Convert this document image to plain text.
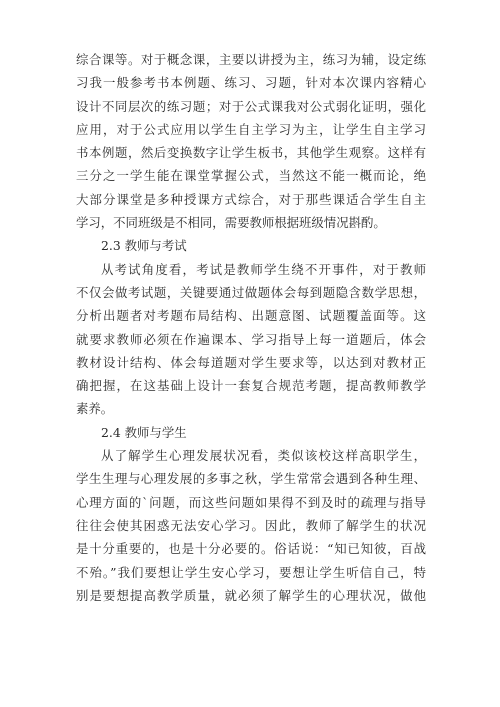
综合课等。对于概念课，主要以讲授为主，练习为辅，设定练
习我一般参考书本例题、练习、习题，针对本次课内容精心
设计不同层次的练习题；对于公式课我对公式弱化证明，强化
应用，对于公式应用以学生自主学习为主，让学生自主学习
书本例题，然后变换数字让学生板书，其他学生观察。这样有
三分之一学生能在课堂掌握公式，当然这不能一概而论，绝
大部分课堂是多种授课方式综合，对于那些课适合学生自主
学习，不同班级是不相同，需要教师根据班级情况斟酌。
2.3 教师与考试
从考试角度看，考试是教师学生绕不开事件，对于教师
不仅会做考试题，关键要通过做题体会每到题隐含数学思想，
分析出题者对考题布局结构、出题意图、试题覆盖面等。这
就要求教师必须在作遍课本、学习指导上每一道题后，体会
教材设计结构、体会每道题对学生要求等，以达到对教材正
确把握，在这基础上设计一套复合规范考题，提高教师教学
素养。
2.4 教师与学生
从了解学生心理发展状况看，类似该校这样高职学生，
学生生理与心理发展的多事之秋，学生常常会遇到各种生理、
心理方面的`问题，而这些问题如果得不到及时的疏理与指导
往往会使其困惑无法安心学习。因此，教师了解学生的状况
是十分重要的，也是十分必要的。俗话说：“知已知彼，百战
不殆。”我们要想让学生安心学习，要想让学生听信自己，特
别是要想提高教学质量，就必须了解学生的心理状况，做他
